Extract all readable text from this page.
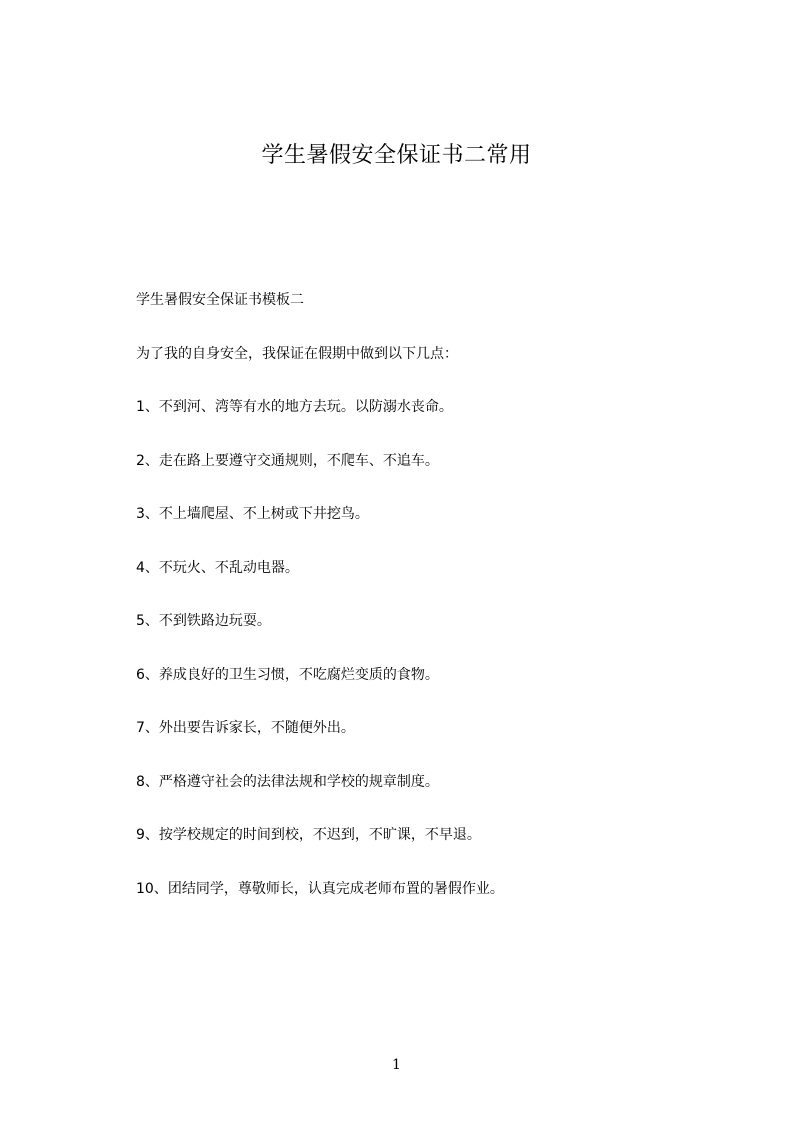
学生暑假安全保证书二常用
学生暑假安全保证书模板二
为了我的自身安全，我保证在假期中做到以下几点：
1、不到河、湾等有水的地方去玩。以防溺水丧命。
2、走在路上要遵守交通规则，不爬车、不追车。
3、不上墙爬屋、不上树或下井挖鸟。
4、不玩火、不乱动电器。
5、不到铁路边玩耍。
6、养成良好的卫生习惯，不吃腐烂变质的食物。
7、外出要告诉家长，不随便外出。
8、严格遵守社会的法律法规和学校的规章制度。
9、按学校规定的时间到校，不迟到，不旷课，不早退。
10、团结同学，尊敬师长，认真完成老师布置的暑假作业。
1
